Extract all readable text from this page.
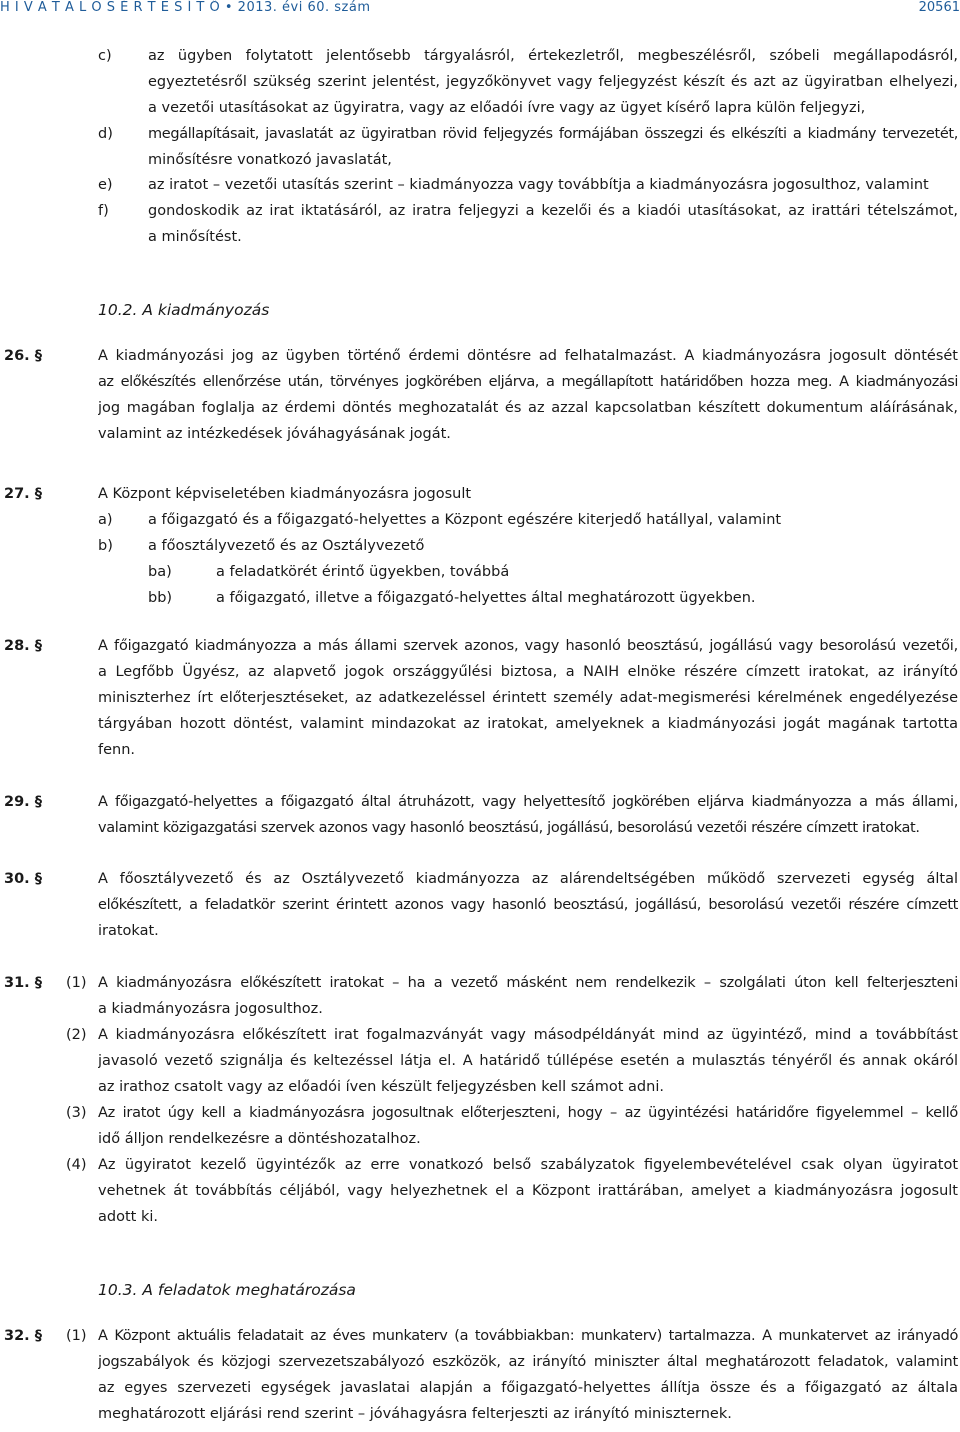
H I V A T A L O S É R T E S Í T Ő • 2013. évi 60. szám	20561
c)	az ügyben folytatott jelentősebb tárgyalásról, értekezletről, megbeszélésről, szóbeli megállapodásról,
egyeztetésről szükség szerint jelentést, jegyzőkönyvet vagy feljegyzést készít és azt az ügyiratban elhelyezi,
a vezetői utasításokat az ügyiratra, vagy az előadói ívre vagy az ügyet kísérő lapra külön feljegyzi,
d) megállapításait, javaslatát az ügyiratban rövid feljegyzés formájában összegzi és elkészíti a kiadmány tervezetét,
minősítésre vonatkozó javaslatát,
e) az iratot – vezetői utasítás szerint – kiadmányozza vagy továbbítja a kiadmányozásra jogosulthoz, valamint
f)	gondoskodik az irat iktatásáról, az iratra feljegyzi a kezelői és a kiadói utasításokat, az irattári tételszámot,
a minősítést.
10.2. A kiadmányozás
26. §	A kiadmányozási jog az ügyben történő érdemi döntésre ad felhatalmazást. A kiadmányozásra jogosult döntését
az előkészítés ellenőrzése után, törvényes jogkörében eljárva, a megállapított határidőben hozza meg. A kiadmányozási
jog magában foglalja az érdemi döntés meghozatalát és az azzal kapcsolatban készített dokumentum aláírásának,
valamint az intézkedések jóváhagyásának jogát.
27. §	A Központ képviseletében kiadmányozásra jogosult
a) a főigazgató és a főigazgató-helyettes a Központ egészére kiterjedő hatállyal, valamint
b) a főosztályvezető és az Osztályvezető
ba)	a feladatkörét érintő ügyekben, továbbá
bb)	a főigazgató, illetve a főigazgató-helyettes által meghatározott ügyekben.
28. §	A főigazgató kiadmányozza a más állami szervek azonos, vagy hasonló beosztású, jogállású vagy besorolású vezetői,
a Legfőbb Ügyész, az alapvető jogok országgyűlési biztosa, a NAIH elnöke részére címzett iratokat, az irányító
miniszterhez írt előterjesztéseket, az adatkezeléssel érintett személy adat-megismerési kérelmének engedélyezése
tárgyában hozott döntést, valamint mindazokat az iratokat, amelyeknek a kiadmányozási jogát magának tartotta
fenn.
29. §	A főigazgató-helyettes a főigazgató által átruházott, vagy helyettesítő jogkörében eljárva kiadmányozza a más állami,
valamint közigazgatási szervek azonos vagy hasonló beosztású, jogállású, besorolású vezetői részére címzett iratokat.
30. §	A főosztályvezető és az Osztályvezető kiadmányozza az alárendeltségében működő szervezeti egység által
előkészített, a feladatkör szerint érintett azonos vagy hasonló beosztású, jogállású, besorolású vezetői részére címzett
iratokat.
31. § (1) A kiadmányozásra előkészített iratokat – ha a vezető másként nem rendelkezik – szolgálati úton kell felterjeszteni
a kiadmányozásra jogosulthoz.
(2) A kiadmányozásra előkészített irat fogalmazványát vagy másodpéldányát mind az ügyintéző, mind a továbbítást
javasoló vezető szignálja és keltezéssel látja el. A határidő túllépése esetén a mulasztás tényéről és annak okáról
az irathoz csatolt vagy az előadói íven készült feljegyzésben kell számot adni.
(3) Az iratot úgy kell a kiadmányozásra jogosultnak előterjeszteni, hogy – az ügyintézési határidőre figyelemmel – kellő
idő álljon rendelkezésre a döntéshozatalhoz.
(4) Az ügyiratot kezelő ügyintézők az erre vonatkozó belső szabályzatok figyelembevételével csak olyan ügyiratot
vehetnek át továbbítás céljából, vagy helyezhetnek el a Központ irattárában, amelyet a kiadmányozásra jogosult
adott ki.
10.3. A feladatok meghatározása
32. § (1) A Központ aktuális feladatait az éves munkaterv (a továbbiakban: munkaterv) tartalmazza. A munkatervet az irányadó
jogszabályok és közjogi szervezetszabályozó eszközök, az irányító miniszter által meghatározott feladatok, valamint
az egyes szervezeti egységek javaslatai alapján a főigazgató-helyettes állítja össze és a főigazgató az általa
meghatározott eljárási rend szerint – jóváhagyásra felterjeszti az irányító miniszternek.
